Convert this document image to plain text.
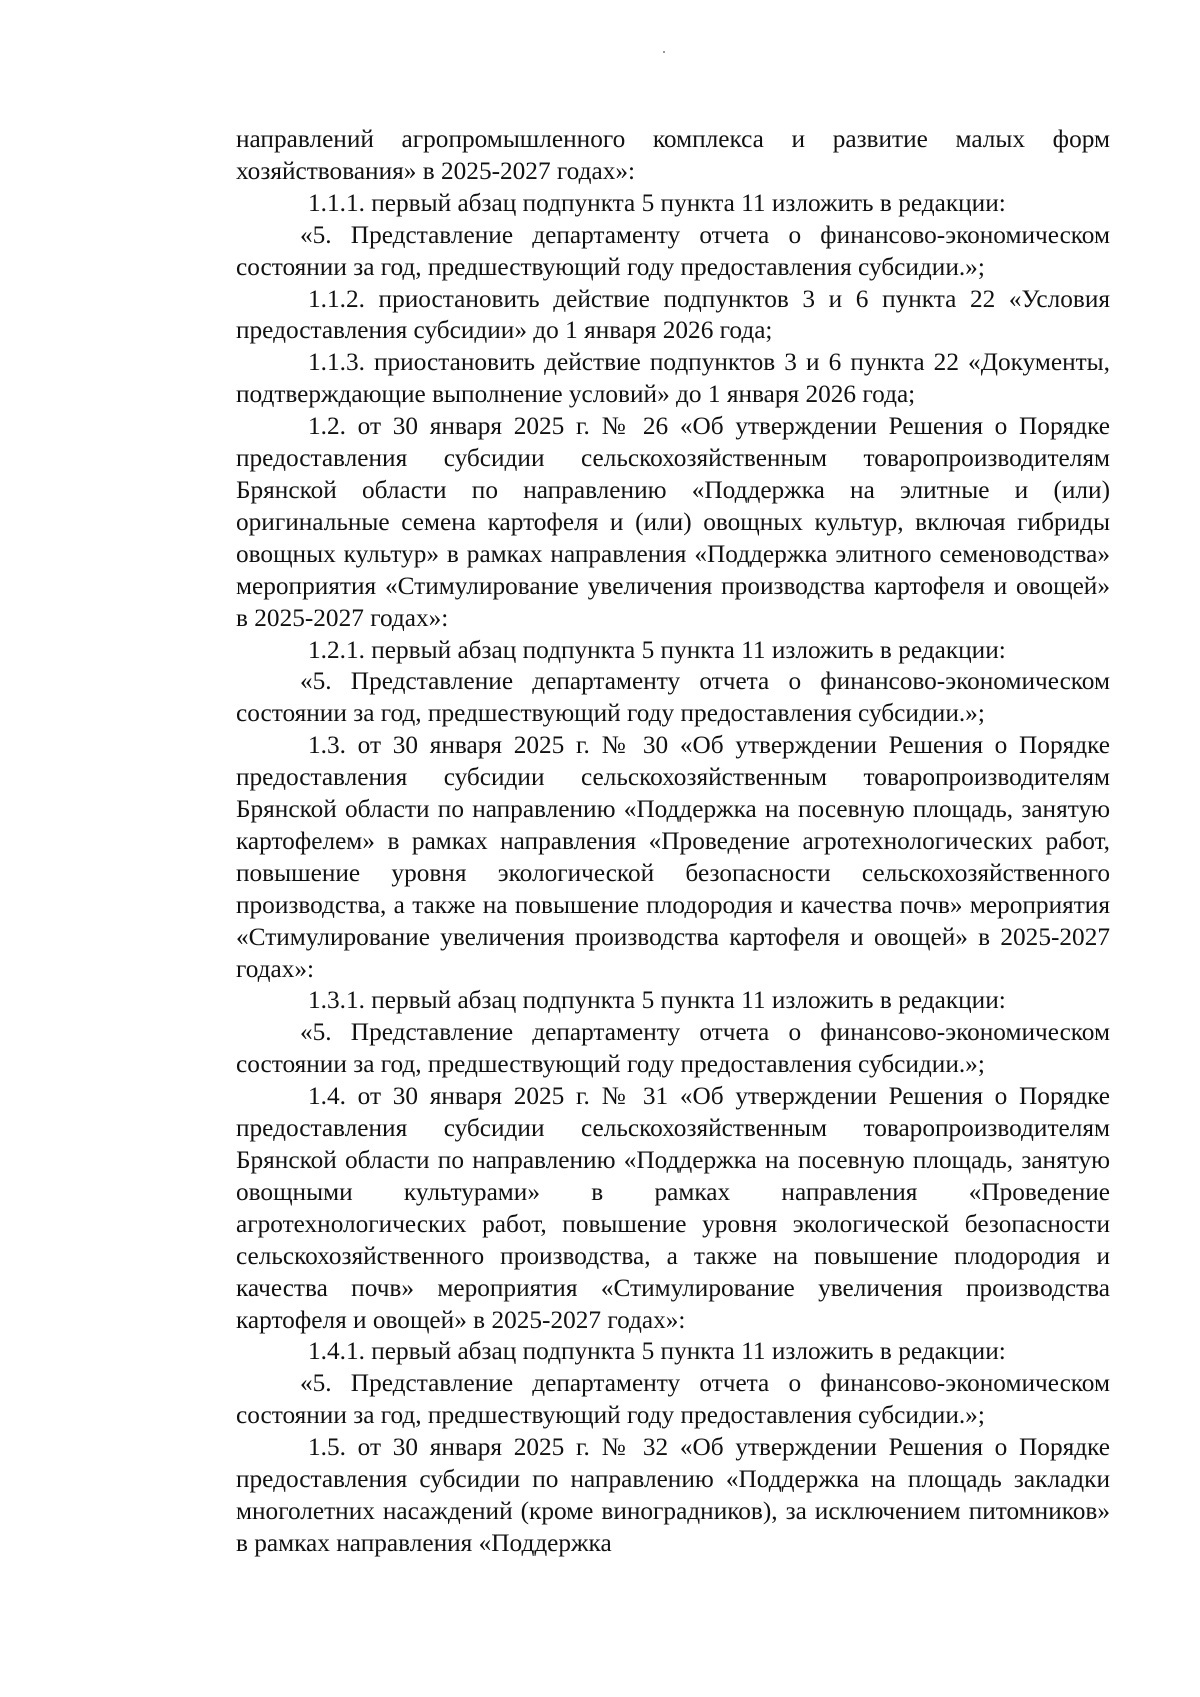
направлений агропромышленного комплекса и развитие малых форм хозяйствования» в 2025-2027 годах»:

1.1.1. первый абзац подпункта 5 пункта 11 изложить в редакции:

«5. Представление департаменту отчета о финансово-экономическом состоянии за год, предшествующий году предоставления субсидии.»;

1.1.2. приостановить действие подпунктов 3 и 6 пункта 22 «Условия предоставления субсидии» до 1 января 2026 года;

1.1.3. приостановить действие подпунктов 3 и 6 пункта 22 «Документы, подтверждающие выполнение условий» до 1 января 2026 года;

1.2. от 30 января 2025 г. № 26 «Об утверждении Решения о Порядке предоставления субсидии сельскохозяйственным товаропроизводителям Брянской области по направлению «Поддержка на элитные и (или) оригинальные семена картофеля и (или) овощных культур, включая гибриды овощных культур» в рамках направления «Поддержка элитного семеноводства» мероприятия «Стимулирование увеличения производства картофеля и овощей» в 2025-2027 годах»:

1.2.1. первый абзац подпункта 5 пункта 11 изложить в редакции:

«5. Представление департаменту отчета о финансово-экономическом состоянии за год, предшествующий году предоставления субсидии.»;

1.3. от 30 января 2025 г. № 30 «Об утверждении Решения о Порядке предоставления субсидии сельскохозяйственным товаропроизводителям Брянской области по направлению «Поддержка на посевную площадь, занятую картофелем» в рамках направления «Проведение агротехнологических работ, повышение уровня экологической безопасности сельскохозяйственного производства, а также на повышение плодородия и качества почв» мероприятия «Стимулирование увеличения производства картофеля и овощей» в 2025-2027 годах»:

1.3.1. первый абзац подпункта 5 пункта 11 изложить в редакции:

«5. Представление департаменту отчета о финансово-экономическом состоянии за год, предшествующий году предоставления субсидии.»;

1.4. от 30 января 2025 г. № 31 «Об утверждении Решения о Порядке предоставления субсидии сельскохозяйственным товаропроизводителям Брянской области по направлению «Поддержка на посевную площадь, занятую овощными культурами» в рамках направления «Проведение агротехнологических работ, повышение уровня экологической безопасности сельскохозяйственного производства, а также на повышение плодородия и качества почв» мероприятия «Стимулирование увеличения производства картофеля и овощей» в 2025-2027 годах»:

1.4.1. первый абзац подпункта 5 пункта 11 изложить в редакции:

«5. Представление департаменту отчета о финансово-экономическом состоянии за год, предшествующий году предоставления субсидии.»;

1.5. от 30 января 2025 г. № 32 «Об утверждении Решения о Порядке предоставления субсидии по направлению «Поддержка на площадь закладки многолетних насаждений (кроме виноградников), за исключением питомников» в рамках направления «Поддержка
